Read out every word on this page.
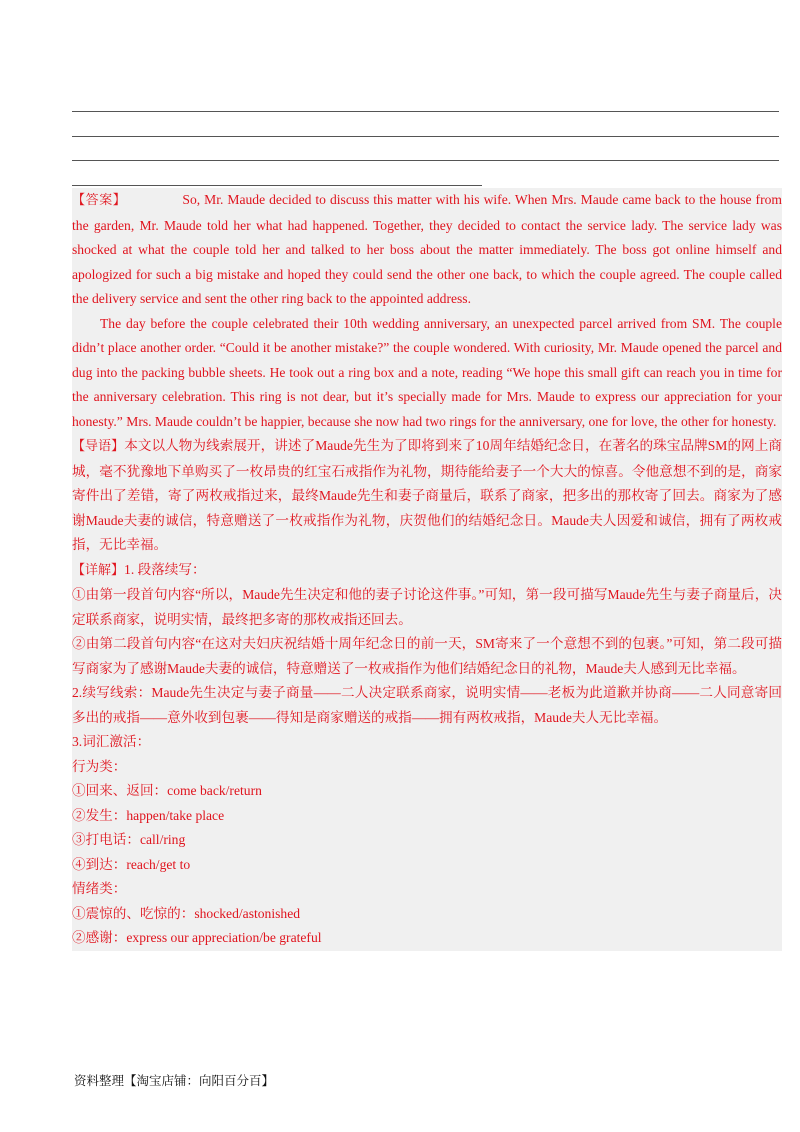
【答案】	So, Mr. Maude decided to discuss this matter with his wife. When Mrs. Maude came back to the house from the garden, Mr. Maude told her what had happened. Together, they decided to contact the service lady. The service lady was shocked at what the couple told her and talked to her boss about the matter immediately. The boss got online himself and apologized for such a big mistake and hoped they could send the other one back, to which the couple agreed. The couple called the delivery service and sent the other ring back to the appointed address.

The day before the couple celebrated their 10th wedding anniversary, an unexpected parcel arrived from SM. The couple didn’t place another order. “Could it be another mistake?” the couple wondered. With curiosity, Mr. Maude opened the parcel and dug into the packing bubble sheets. He took out a ring box and a note, reading “We hope this small gift can reach you in time for the anniversary celebration. This ring is not dear, but it’s specially made for Mrs. Maude to express our appreciation for your honesty.” Mrs. Maude couldn’t be happier, because she now had two rings for the anniversary, one for love, the other for honesty.

【导语】本文以人物为线索展开，讲述了Maude先生为了即将到来了10周年结婚纪念日，在著名的珠宝品牌SM的网上商城，毫不犹豫地下单购买了一枚昂贵的红宝石戒指作为礼物，期待能给妻子一个大大的惊喜。令他意想不到的是，商家寄件出了差错，寄了两枚戒指过来，最终Maude先生和妻子商量后，联系了商家，把多出的那枚寄了回去。商家为了感谢Maude夫妻的诚信，特意赠送了一枚戒指作为礼物，庆贺他们的结婚纪念日。Maude夫人因爱和诚信，拥有了两枚戒指，无比幸福。

【详解】1. 段落续写：

①由第一段首句内容“所以，Maude先生决定和他的妻子讨论这件事。”可知，第一段可描写Maude先生与妻子商量后，决定联系商家，说明实情，最终把多寄的那枚戒指还回去。

②由第二段首句内容“在这对夫妇庆祝结婚十周年纪念日的前一天，SM寄来了一个意想不到的包裹。”可知，第二段可描写商家为了感谢Maude夫妻的诚信，特意赠送了一枚戒指作为他们结婚纪念日的礼物，Maude夫人感到无比幸福。

2.续写线索：Maude先生决定与妻子商量——二人决定联系商家，说明实情——老板为此道歉并协商——二人同意寄回多出的戒指——意外收到包裹——得知是商家赠送的戒指——拥有两枚戒指，Maude夫人无比幸福。

3.词汇激活：

行为类：

①回来、返回：come back/return

②发生：happen/take place

③打电话：call/ring

④到达：reach/get to

情绪类：

①震惊的、吃惊的：shocked/astonished

②感谢：express our appreciation/be grateful

资料整理【淘宝店铺：向阳百分百】
